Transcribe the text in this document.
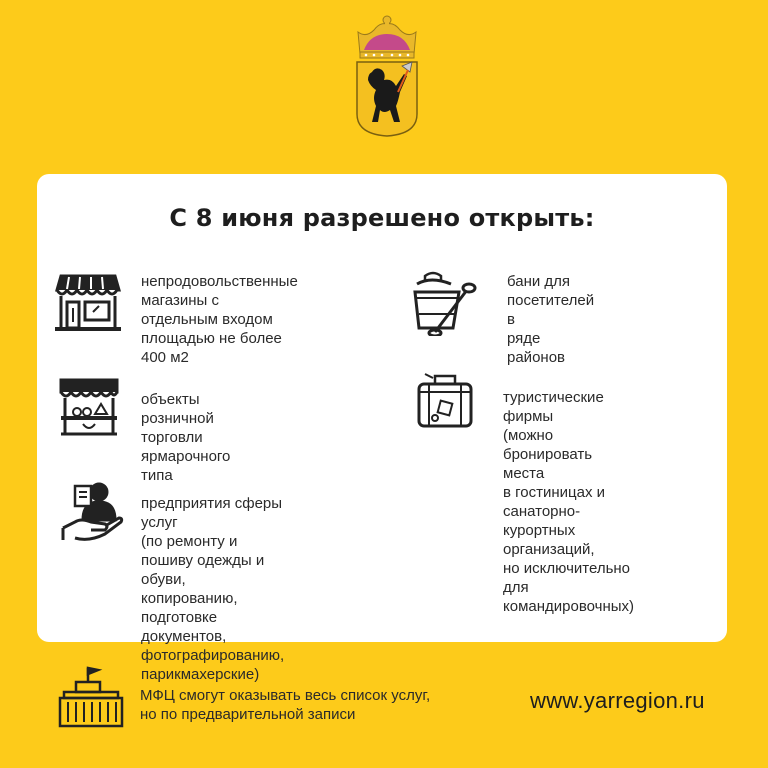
С 8 июня разрешено открыть:
непродовольственные
магазины с отдельным входом
площадью не более 400 м2
объекты розничной торговли
ярмарочного типа
предприятия сферы услуг
(по ремонту и пошиву одежды и
обуви, копированию, подготовке
документов, фотографированию,
парикмахерские)
бани для посетителей в
ряде районов
туристические фирмы
(можно бронировать места
в гостиницах и санаторно-
курортных организаций,
но исключительно для
командировочных)
МФЦ смогут оказывать весь список услуг,
но по предварительной записи
www.yarregion.ru
